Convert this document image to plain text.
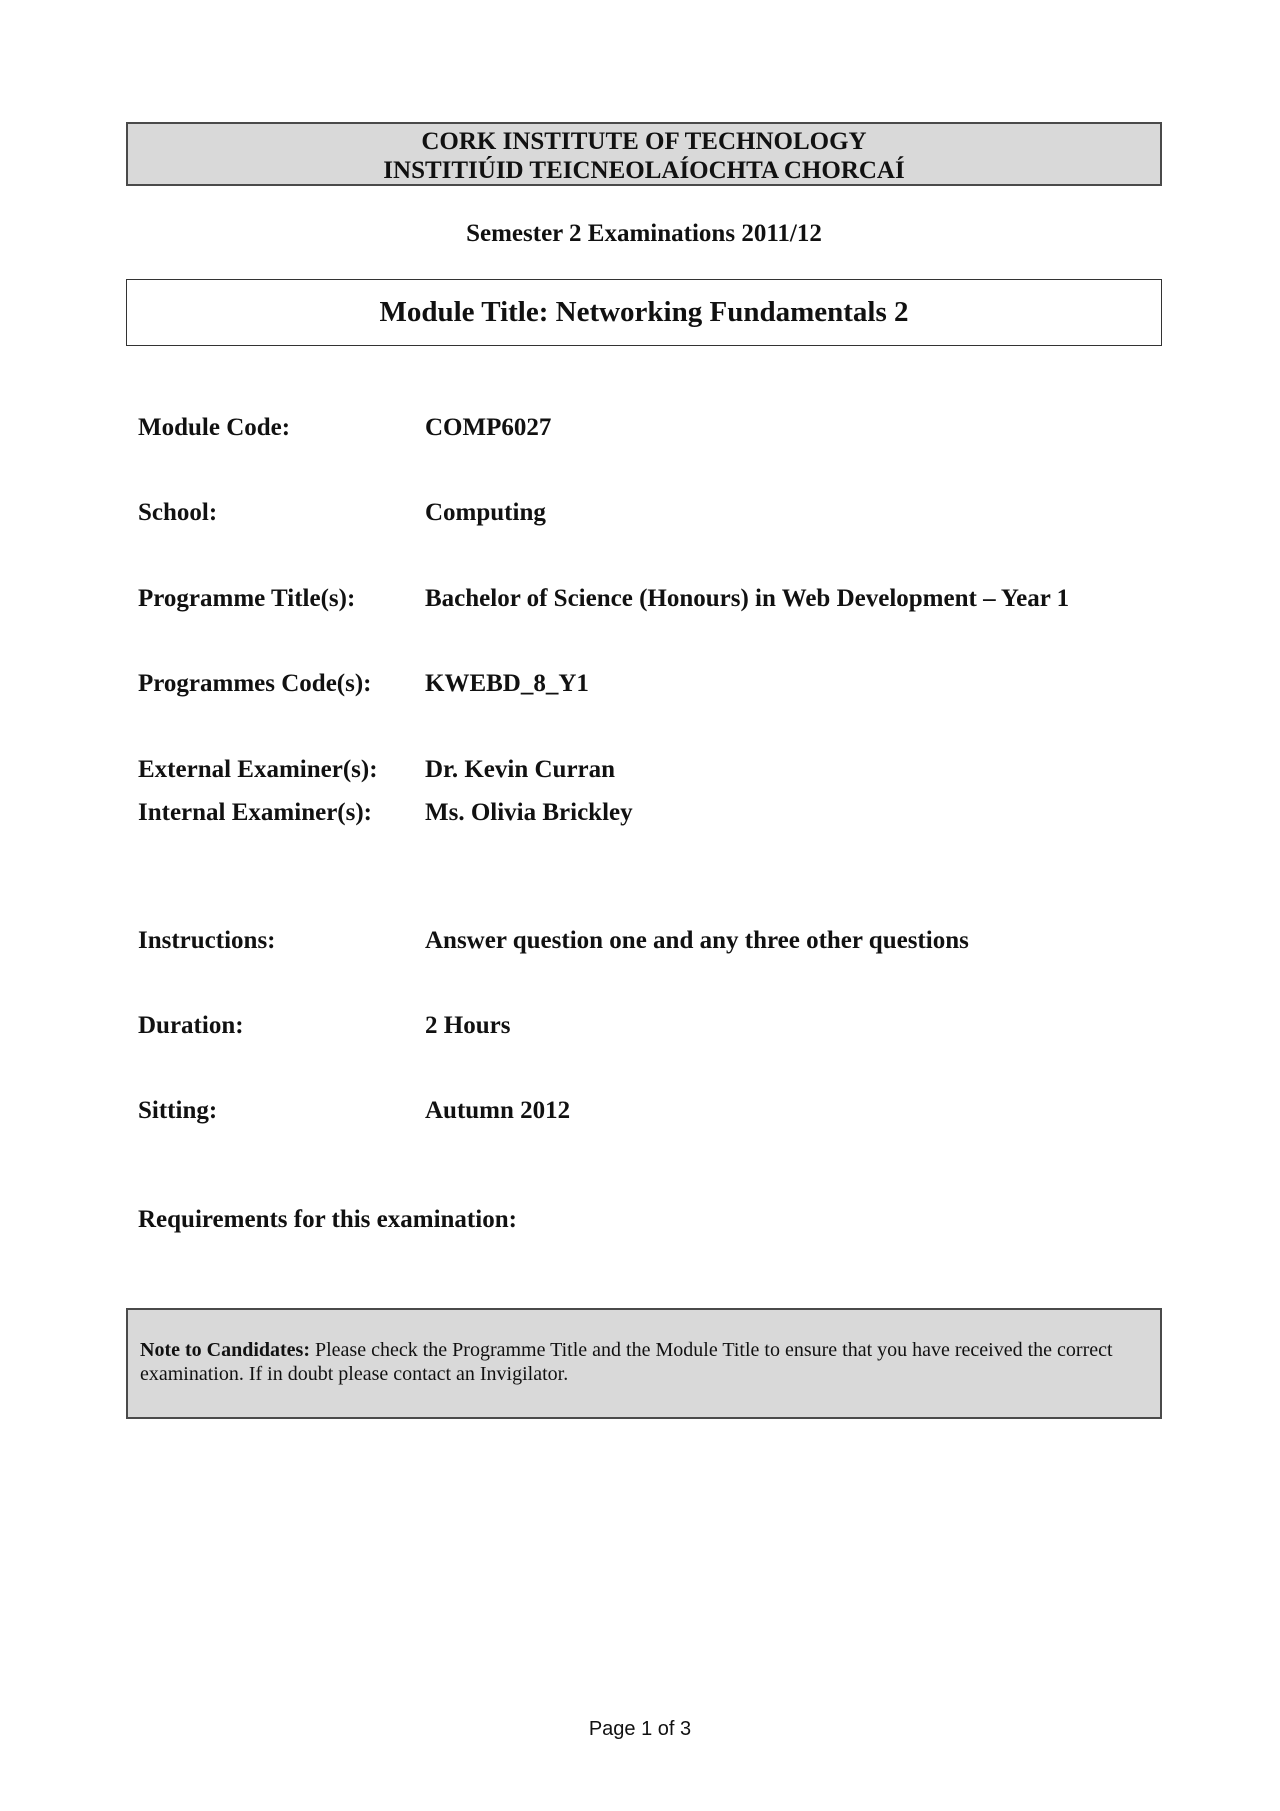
CORK INSTITUTE OF TECHNOLOGY
INSTITIÚID TEICNEOLAÍOCHTA CHORCAÍ
Semester 2 Examinations 2011/12
Module Title: Networking Fundamentals 2
Module Code:	COMP6027
School:	Computing
Programme Title(s):	Bachelor of Science (Honours) in Web Development – Year 1
Programmes Code(s): KWEBD_8_Y1
External Examiner(s): Dr. Kevin Curran
Internal Examiner(s): Ms. Olivia Brickley
Instructions:	Answer question one and any three other questions
Duration:	2 Hours
Sitting:	Autumn 2012
Requirements for this examination:
Note to Candidates: Please check the Programme Title and the Module Title to ensure that you have received the correct examination. If in doubt please contact an Invigilator.
Page 1 of 3
